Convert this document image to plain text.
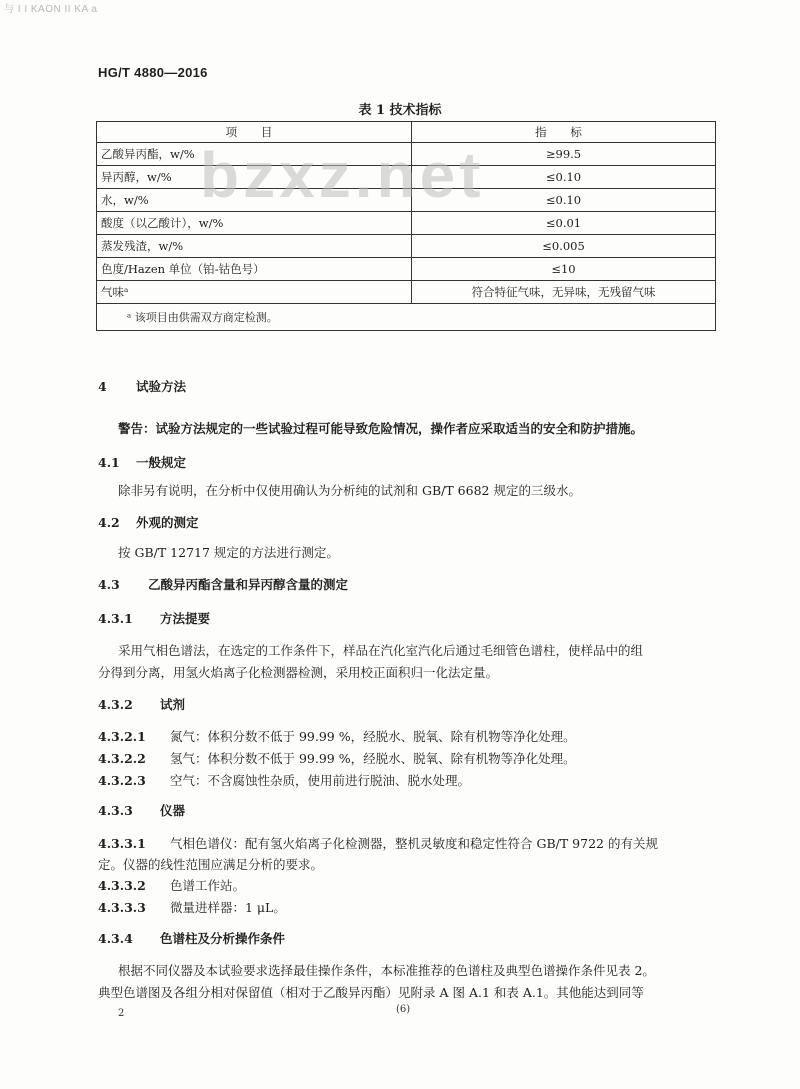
与 I I KAON II KA a
HG/T 4880—2016
表 1 技术指标
项 目	指 标
乙酸异丙酯，w/%	≥99.5
异丙醇，w/%	≤0.10
水，w/%	≤0.10
酸度（以乙酸计），w/%	≤0.01
蒸发残渣，w/%	≤0.005
色度/Hazen 单位（铂-钴色号）	≤10
气味ᵃ	符合特征气味，无异味，无残留气味
ᵃ 该项目由供需双方商定检测。	
bzxz.net
4 试验方法
警告：试验方法规定的一些试验过程可能导致危险情况，操作者应采取适当的安全和防护措施。
4.1 一般规定
除非另有说明，在分析中仅使用确认为分析纯的试剂和 GB/T 6682 规定的三级水。
4.2 外观的测定
按 GB/T 12717 规定的方法进行测定。
4.3 乙酸异丙酯含量和异丙醇含量的测定
4.3.1 方法提要
采用气相色谱法，在选定的工作条件下，样品在汽化室汽化后通过毛细管色谱柱，使样品中的组
分得到分离，用氢火焰离子化检测器检测，采用校正面积归一化法定量。
4.3.2 试剂
4.3.2.1 氮气：体积分数不低于 99.99 %，经脱水、脱氧、除有机物等净化处理。
4.3.2.2 氢气：体积分数不低于 99.99 %，经脱水、脱氧、除有机物等净化处理。
4.3.2.3 空气：不含腐蚀性杂质，使用前进行脱油、脱水处理。
4.3.3 仪器
4.3.3.1 气相色谱仪：配有氢火焰离子化检测器，整机灵敏度和稳定性符合 GB/T 9722 的有关规
定。仪器的线性范围应满足分析的要求。
4.3.3.2 色谱工作站。
4.3.3.3 微量进样器：1 μL。
4.3.4 色谱柱及分析操作条件
根据不同仪器及本试验要求选择最佳操作条件，本标准推荐的色谱柱及典型色谱操作条件见表 2。
典型色谱图及各组分相对保留值（相对于乙酸异丙酯）见附录 A 图 A.1 和表 A.1。其他能达到同等
2	(6)
